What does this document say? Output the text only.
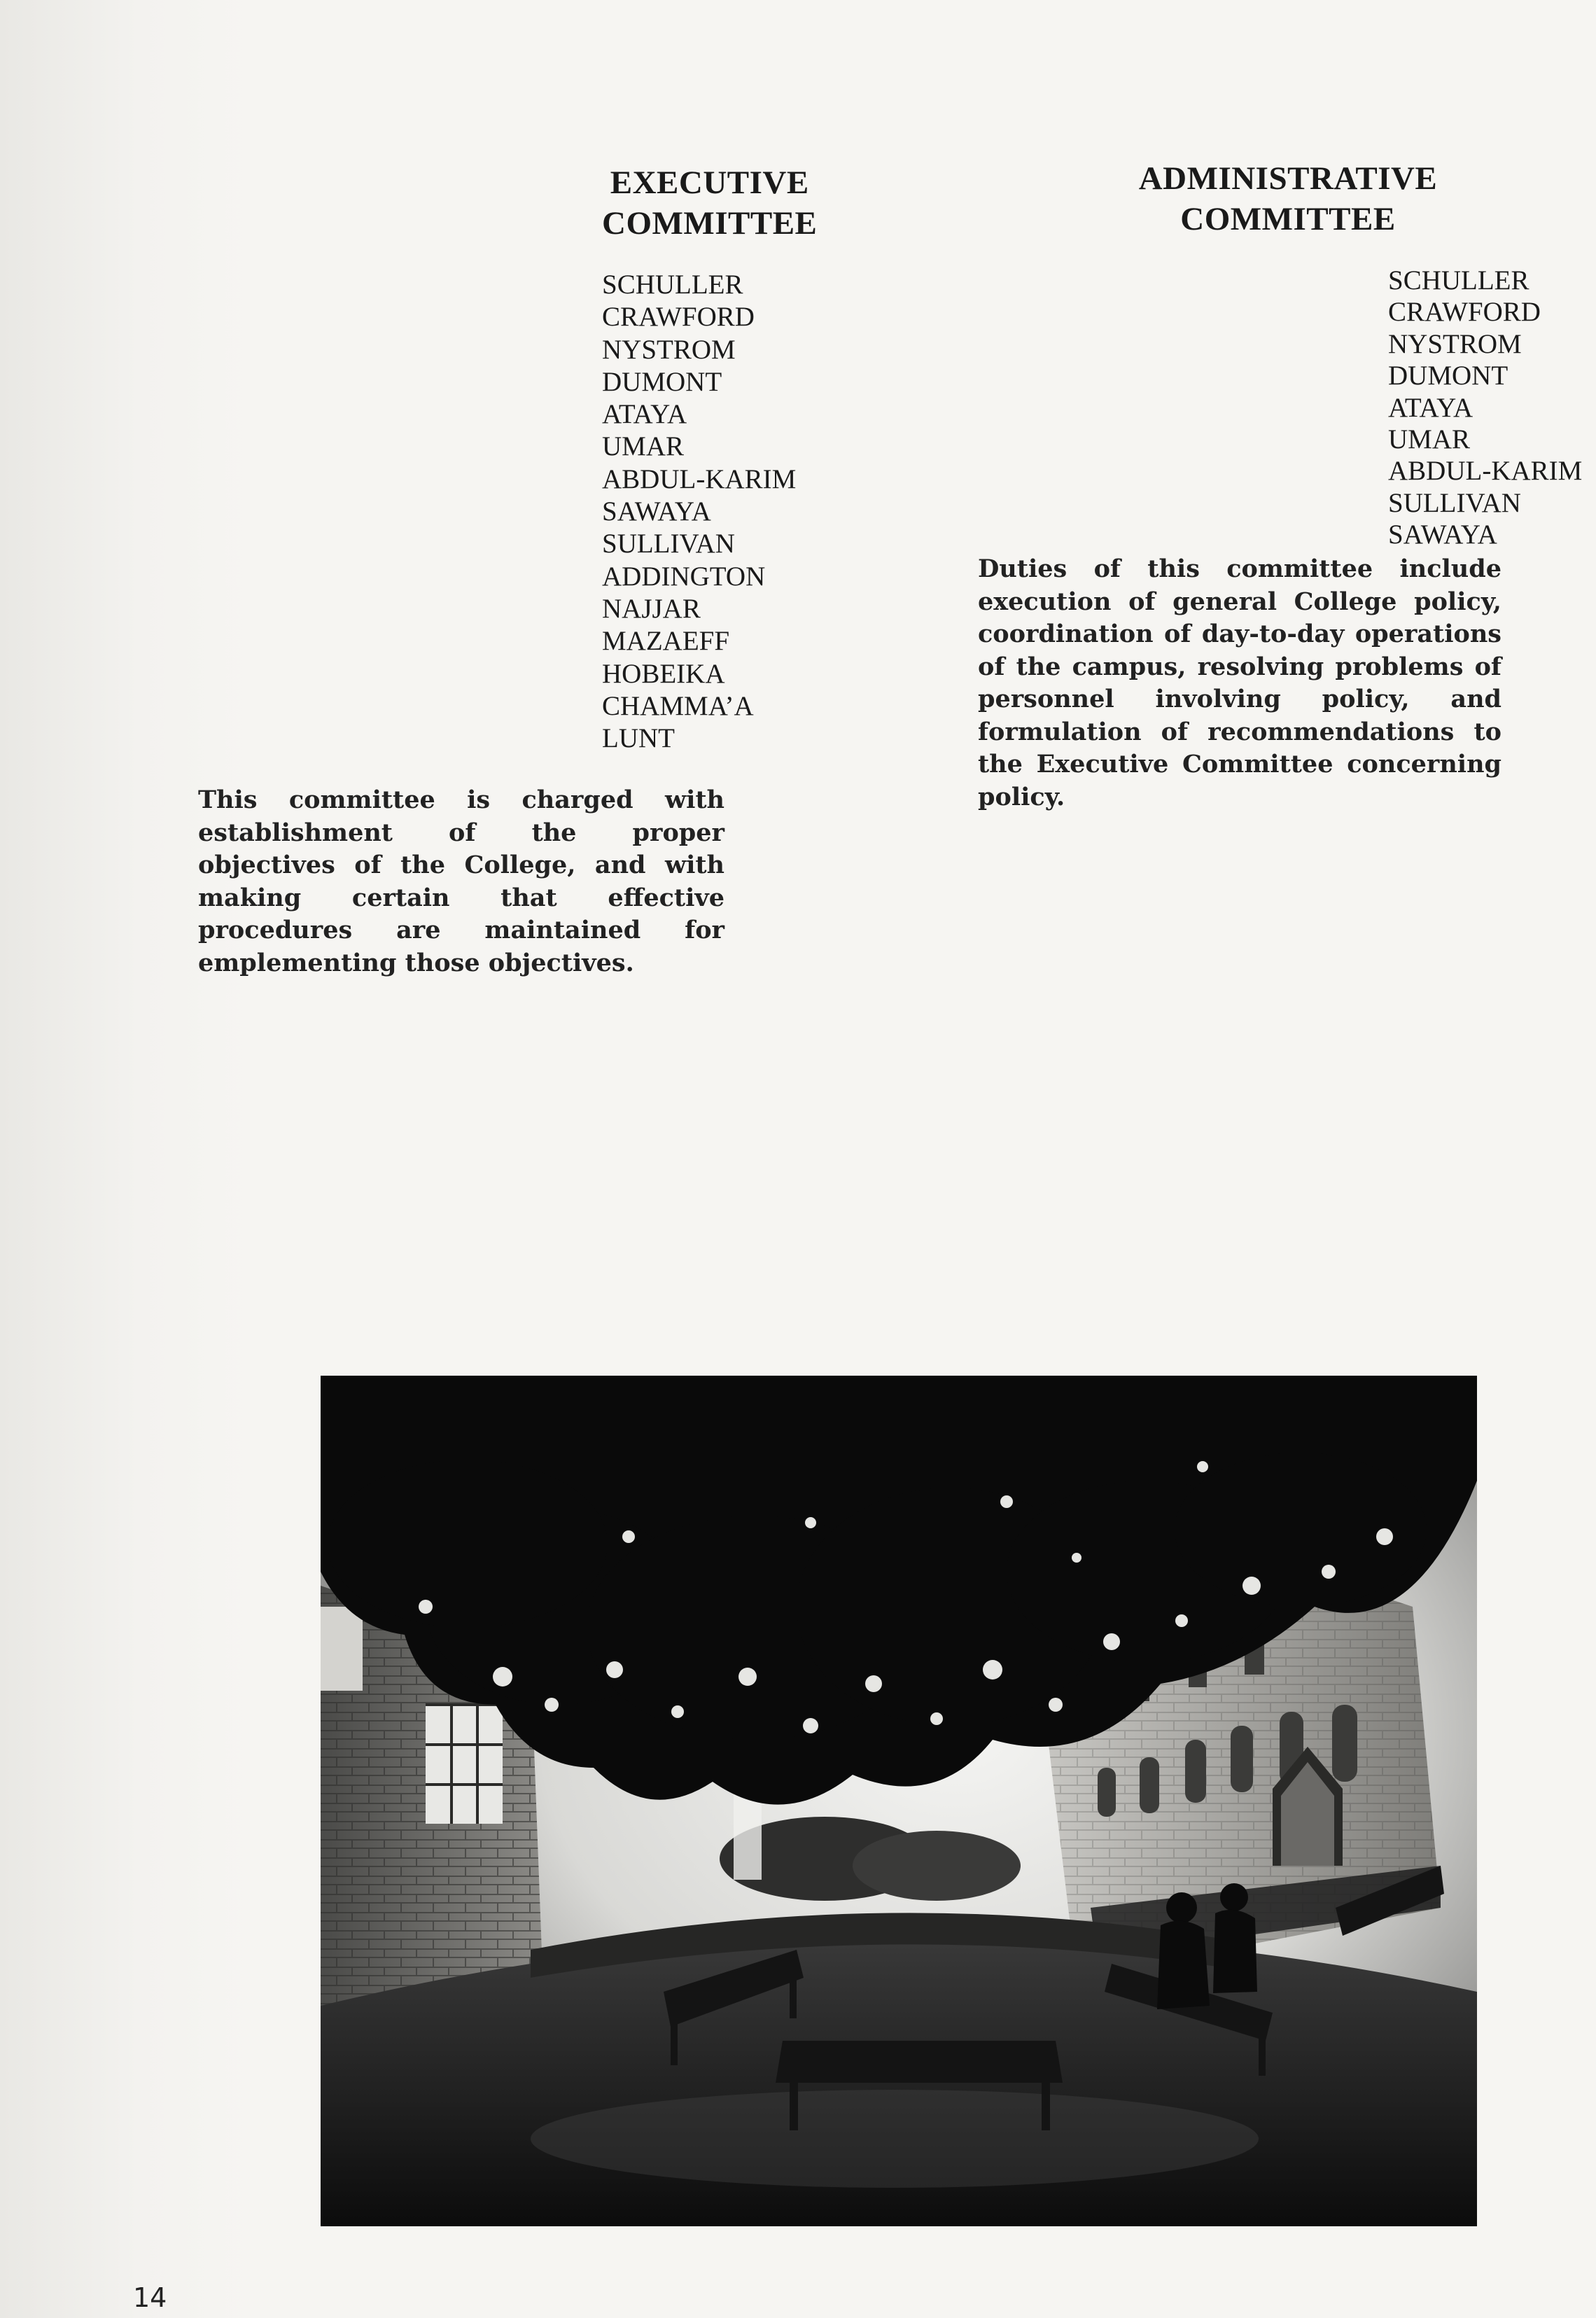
EXECUTIVE
COMMITTEE
SCHULLER
CRAWFORD
NYSTROM
DUMONT
ATAYA
UMAR
ABDUL-KARIM
SAWAYA
SULLIVAN
ADDINGTON
NAJJAR
MAZAEFF
HOBEIKA
CHAMMA’A
LUNT

This committee is charged with establishment of the proper objectives of the College, and with making certain that effective procedures are maintained for emplementing those objectives.

ADMINISTRATIVE
COMMITTEE
SCHULLER
CRAWFORD
NYSTROM
DUMONT
ATAYA
UMAR
ABDUL-KARIM
SULLIVAN
SAWAYA

Duties of this committee include execution of general College policy, coordination of day-to-day operations of the campus, resolving problems of personnel involving policy, and formulation of recommendations to the Executive Committee concerning policy.

14
